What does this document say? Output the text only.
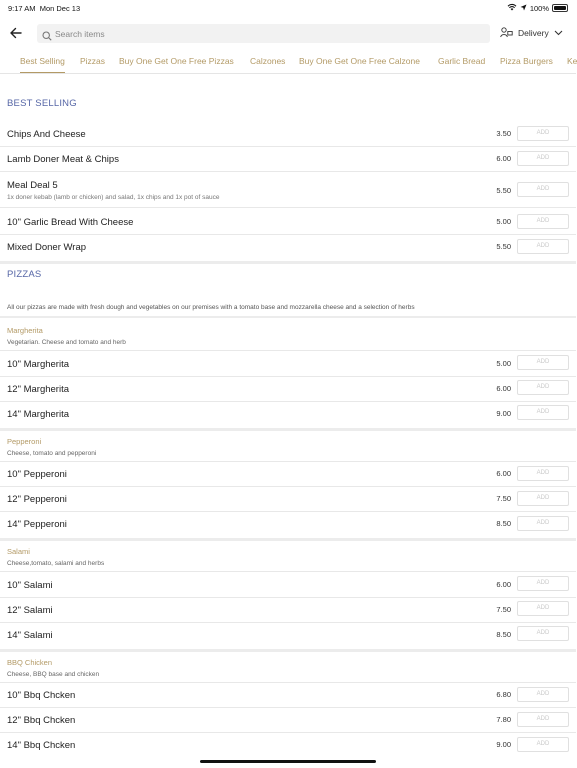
9:17 AM Mon Dec 13	100%
Search items
Delivery
Best Selling Pizzas Buy One Get One Free Pizzas Calzones Buy One Get One Free Calzone Garlic Bread Pizza Burgers Ke
BEST SELLING
Chips And Cheese	3.50	ADD
Lamb Doner Meat & Chips	6.00	ADD
Meal Deal 5
1x doner kebab (lamb or chicken) and salad, 1x chips and 1x pot of sauce
5.50	ADD
10" Garlic Bread With Cheese	5.00	ADD
Mixed Doner Wrap	5.50	ADD
PIZZAS
All our pizzas are made with fresh dough and vegetables on our premises with a tomato base and mozzarella cheese and a selection of herbs
Margherita
Vegetarian. Cheese and tomato and herb
10" Margherita	5.00	ADD
12" Margherita	6.00	ADD
14" Margherita	9.00	ADD
Pepperoni
Cheese, tomato and pepperoni
10" Pepperoni	6.00	ADD
12" Pepperoni	7.50	ADD
14" Pepperoni	8.50	ADD
Salami
Cheese,tomato, salami and herbs
10" Salami	6.00	ADD
12" Salami	7.50	ADD
14" Salami	8.50	ADD
BBQ Chicken
Cheese, BBQ base and chicken
10" Bbq Chcken	6.80	ADD
12" Bbq Chcken	7.80	ADD
14" Bbq Chcken	9.00	ADD
